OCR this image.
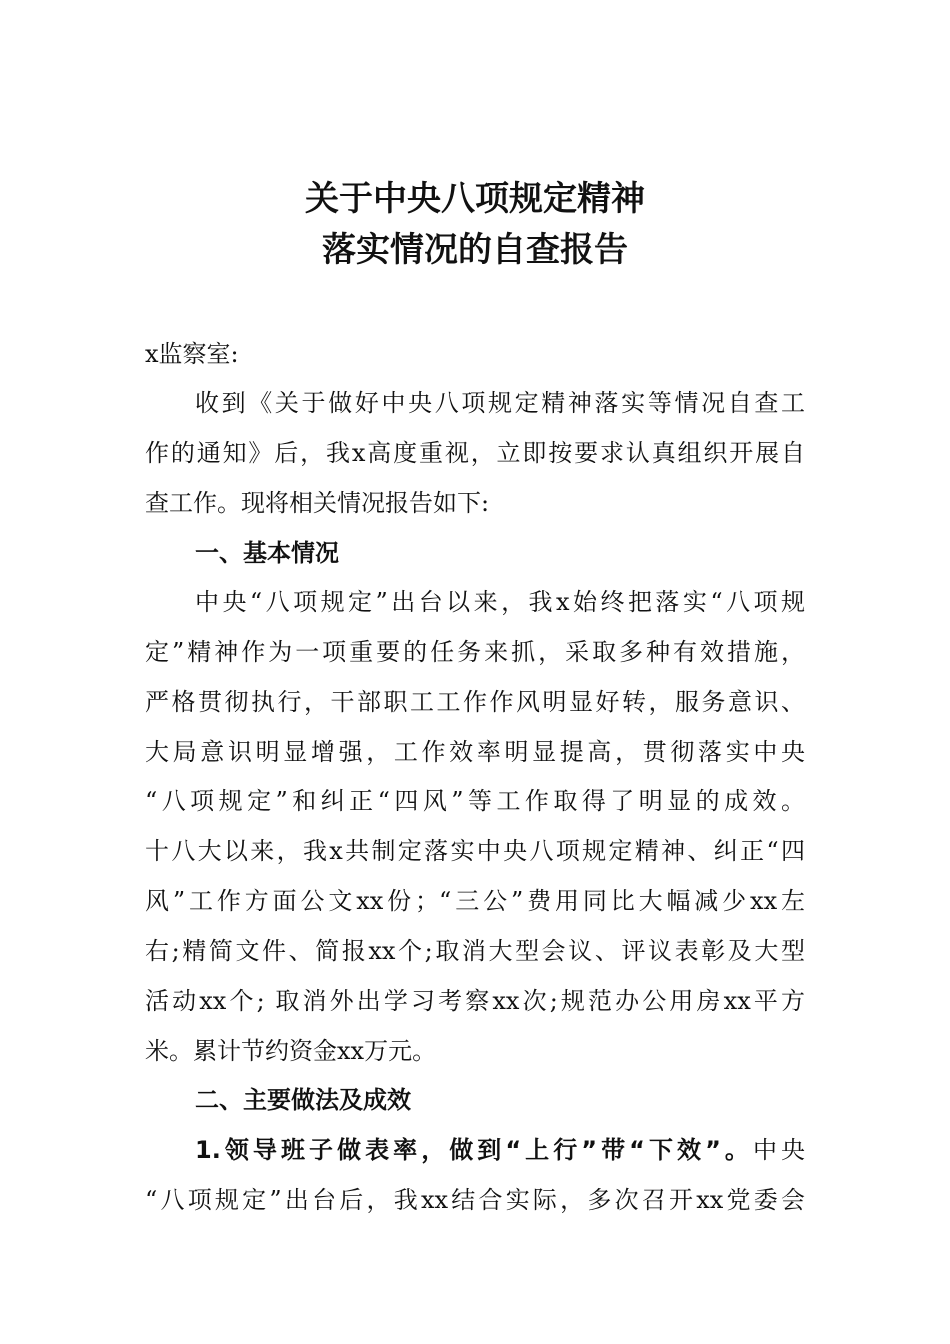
关于中央八项规定精神
落实情况的自查报告
x监察室:
收到《关于做好中央八项规定精神落实等情况自查工
作的通知》后，我x高度重视，立即按要求认真组织开展自
查工作。现将相关情况报告如下:
一、基本情况
中央“八项规定”出台以来，我x始终把落实“八项规
定”精神作为一项重要的任务来抓，采取多种有效措施，
严格贯彻执行，干部职工工作作风明显好转，服务意识、
大局意识明显增强，工作效率明显提高，贯彻落实中央
“八项规定”和纠正“四风”等工作取得了明显的成效。
十八大以来，我x共制定落实中央八项规定精神、纠正“四
风”工作方面公文xx份；“三公”费用同比大幅减少xx左
右;精简文件、简报xx个;取消大型会议、评议表彰及大型
活动xx个; 取消外出学习考察xx次;规范办公用房xx平方
米。累计节约资金xx万元。
二、主要做法及成效
1.领导班子做表率，做到“上行”带“下效”。中央
“八项规定”出台后，我xx结合实际，多次召开xx党委会
